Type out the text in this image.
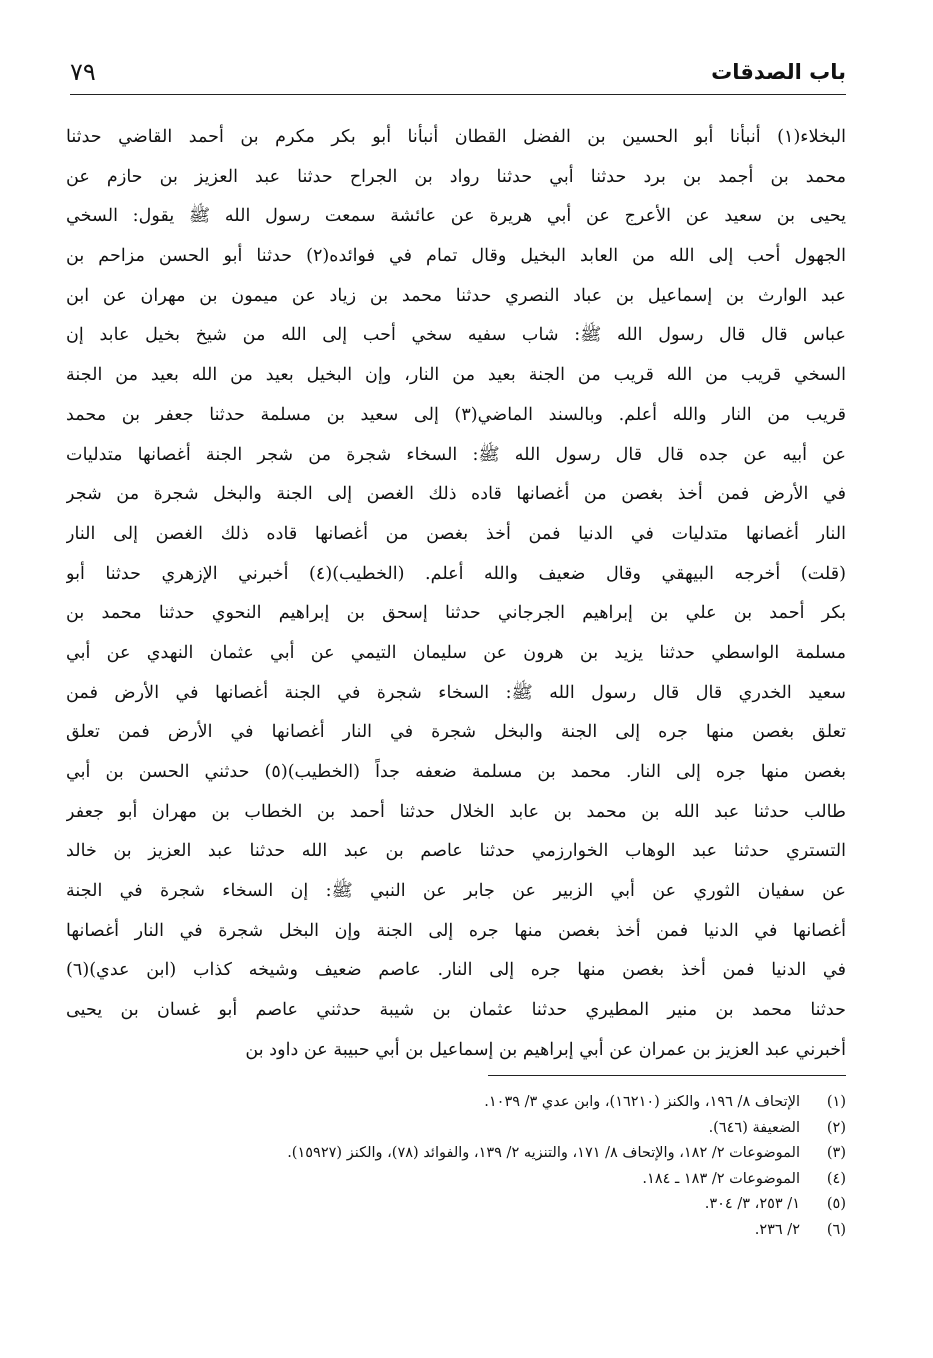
باب الصدقات
٧٩
البخلاء(١) أنبأنا أبو الحسين بن الفضل القطان أنبأنا أبو بكر مكرم بن أحمد القاضي حدثنا
محمد بن أجمد بن برد حدثنا أبي حدثنا رواد بن الجراح حدثنا عبد العزيز بن حازم عن
يحيى بن سعيد عن الأعرج عن أبي هريرة عن عائشة سمعت رسول الله ﷺ يقول: السخي
الجهول أحب إلى الله من العابد البخيل وقال تمام في فوائده(٢) حدثنا أبو الحسن مزاحم بن
عبد الوارث بن إسماعيل بن عباد النصري حدثنا محمد بن زياد عن ميمون بن مهران عن ابن
عباس قال قال رسول الله ﷺ: شاب سفيه سخي أحب إلى الله من شيخ بخيل عابد إن
السخي قريب من الله قريب من الجنة بعيد من النار، وإن البخيل بعيد من الله بعيد من الجنة
قريب من النار والله أعلم. وبالسند الماضي(٣) إلى سعيد بن مسلمة حدثنا جعفر بن محمد
عن أبيه عن جده قال قال رسول الله ﷺ: السخاء شجرة من شجر الجنة أغصانها متدليات
في الأرض فمن أخذ بغصن من أغصانها قاده ذلك الغصن إلى الجنة والبخل شجرة من شجر
النار أغصانها متدليات في الدنيا فمن أخذ بغصن من أغصانها قاده ذلك الغصن إلى النار
(قلت) أخرجه البيهقي وقال ضعيف والله أعلم. (الخطيب)(٤) أخبرني الإزهري حدثنا أبو
بكر أحمد بن علي بن إبراهيم الجرجاني حدثنا إسحق بن إبراهيم النحوي حدثنا محمد بن
مسلمة الواسطي حدثنا يزيد بن هرون عن سليمان التيمي عن أبي عثمان النهدي عن أبي
سعيد الخدري قال قال رسول الله ﷺ: السخاء شجرة في الجنة أغصانها في الأرض فمن
تعلق بغصن منها جره إلى الجنة والبخل شجرة في النار أغصانها في الأرض فمن تعلق
بغصن منها جره إلى النار. محمد بن مسلمة ضعفه جداً (الخطيب)(٥) حدثني الحسن بن أبي
طالب حدثنا عبد الله بن محمد بن عابد الخلال حدثنا أحمد بن الخطاب بن مهران أبو جعفر
التستري حدثنا عبد الوهاب الخوارزمي حدثنا عاصم بن عبد الله حدثنا عبد العزيز بن خالد
عن سفيان الثوري عن أبي الزبير عن جابر عن النبي ﷺ: إن السخاء شجرة في الجنة
أغصانها في الدنيا فمن أخذ بغصن منها جره إلى الجنة وإن البخل شجرة في النار أغصانها
في الدنيا فمن أخذ بغصن منها جره إلى النار. عاصم ضعيف وشيخه كذاب (ابن عدي)(٦)
حدثنا محمد بن منير المطيري حدثنا عثمان بن شيبة حدثني عاصم أبو غسان بن يحيى
أخبرني عبد العزيز بن عمران عن أبي إبراهيم بن إسماعيل بن أبي حبيبة عن داود بن
(١)الإتحاف ٨/ ١٩٦، والكنز (١٦٢١٠)، وابن عدي ٣/ ١٠٣٩.
(٢)الضعيفة (٦٤٦).
(٣)الموضوعات ٢/ ١٨٢، والإتحاف ٨/ ١٧١، والتنزيه ٢/ ١٣٩، والفوائد (٧٨)، والكنز (١٥٩٢٧).
(٤)الموضوعات ٢/ ١٨٣ ـ ١٨٤.
(٥)١/ ٢٥٣، ٣/ ٣٠٤.
(٦)٢/ ٢٣٦.
